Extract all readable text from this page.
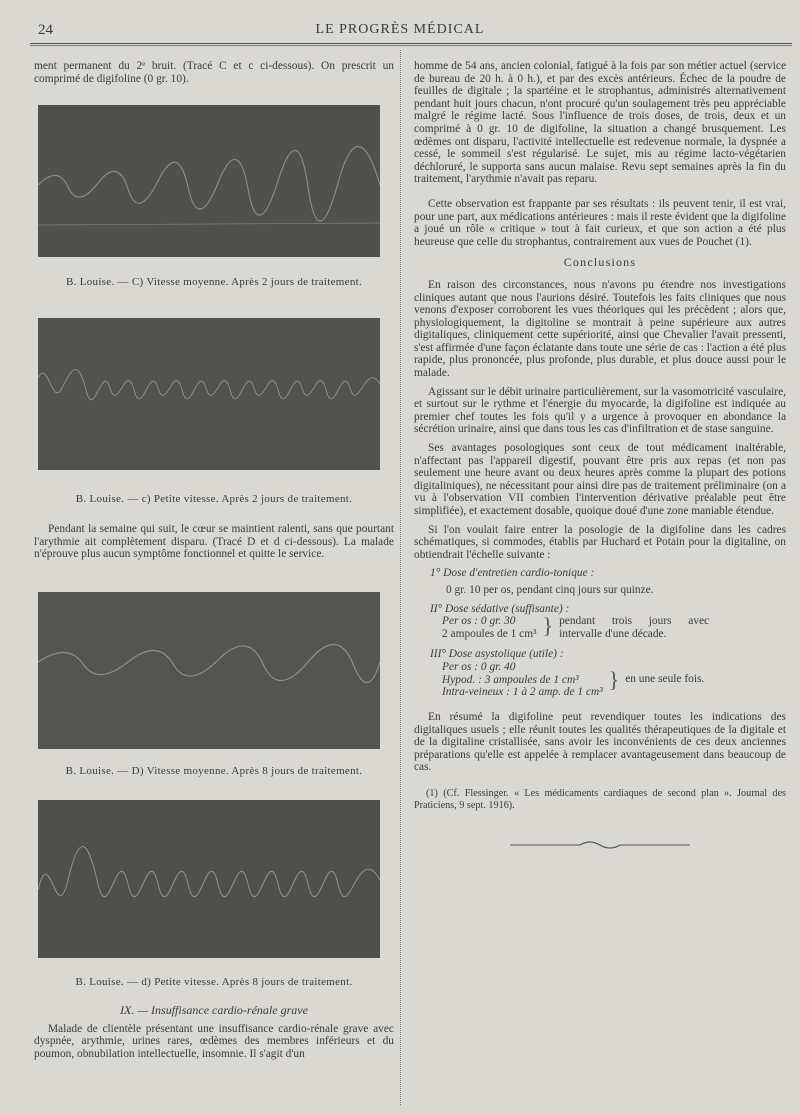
24	LE PROGRÈS MÉDICAL

ment permanent du 2ᵉ bruit. (Tracé C et c ci-dessous). On prescrit un comprimé de digifoline (0 gr. 10).

B. Louise. — C) Vitesse moyenne. Après 2 jours de traitement.
B. Louise. — c) Petite vitesse. Après 2 jours de traitement.

Pendant la semaine qui suit, le cœur se maintient ralenti, sans que pourtant l'arythmie ait complètement disparu. (Tracé D et d ci-dessous). La malade n'éprouve plus aucun symptôme fonctionnel et quitte le service.

B. Louise. — D) Vitesse moyenne. Après 8 jours de traitement.
B. Louise. — d) Petite vitesse. Après 8 jours de traitement.
IX. — Insuffisance cardio-rénale grave

Malade de clientèle présentant une insuffisance cardio-rénale grave avec dyspnée, arythmie, urines rares, œdèmes des membres inférieurs et du poumon, obnubilation intellectuelle, insomnie. Il s'agit d'un

homme de 54 ans, ancien colonial, fatigué à la fois par son métier actuel (service de bureau de 20 h. à 0 h.), et par des excès antérieurs. Échec de la poudre de feuilles de digitale ; la spartéine et le strophantus, administrés alternativement pendant huit jours chacun, n'ont procuré qu'un soulagement très peu appréciable malgré le régime lacté. Sous l'influence de trois doses, de trois, deux et un comprimé à 0 gr. 10 de digifoline, la situation a changé brusquement. Les œdèmes ont disparu, l'activité intellectuelle est redevenue normale, la dyspnée a cessé, le sommeil s'est régularisé. Le sujet, mis au régime lacto-végétarien déchloruré, le supporta sans aucun malaise. Revu sept semaines après la fin du traitement, l'arythmie n'avait pas reparu.

Cette observation est frappante par ses résultats : ils peuvent tenir, il est vrai, pour une part, aux médications antérieures : mais il reste évident que la digifoline a joué un rôle « critique » tout à fait curieux, et que son action a été plus heureuse que celle du strophantus, contrairement aux vues de Pouchet (1).

Conclusions

En raison des circonstances, nous n'avons pu étendre nos investigations cliniques autant que nous l'aurions désiré. Toutefois les faits cliniques que nous venons d'exposer corroborent les vues théoriques qui les précèdent ; alors que, physiologiquement, la digitoline se montrait à peine supérieure aux autres digitaliques, cliniquement cette supériorité, ainsi que Chevalier l'avait pressenti, s'est affirmée d'une façon éclatante dans toute une série de cas : l'action a été plus rapide, plus prononcée, plus profonde, plus durable, et plus douce aussi pour le malade.

Agissant sur le débit urinaire particulièrement, sur la vasomotricité vasculaire, et surtout sur le rythme et l'énergie du myocarde, la digifoline est indiquée au premier chef toutes les fois qu'il y a urgence à provoquer en abondance la sécrétion urinaire, ainsi que dans tous les cas d'infiltration et de stase sanguine.

Ses avantages posologiques sont ceux de tout médicament inaltérable, n'affectant pas l'appareil digestif, pouvant être pris aux repas (et non pas seulement une heure avant ou deux heures après comme la plupart des potions digitaliniques), ne nécessitant pour ainsi dire pas de traitement préliminaire (on a vu à l'observation VII combien l'intervention dérivative préalable peut être simplifiée), et exactement dosable, quoique doué d'une zone maniable étendue.

Si l'on voulait faire entrer la posologie de la digifoline dans les cadres schématiques, si commodes, établis par Huchard et Potain pour la digitaline, on obtiendrait l'échelle suivante :

1° Dose d'entretien cardio-tonique :
0 gr. 10 per os, pendant cinq jours sur quinze.
II° Dose sédative (suffisante) :
Per os : 0 gr. 30
2 ampoules de 1 cm³ } pendant trois jours avec intervalle d'une décade.
III° Dose asystolique (utile) :
Per os : 0 gr. 40
Hypod. : 3 ampoules de 1 cm³
Intra-veineux : 1 à 2 amp. de 1 cm³
} en une seule fois.

En résumé la digifoline peut revendiquer toutes les indications des digitaliques usuels ; elle réunit toutes les qualités thérapeutiques de la digitale et de la digitaline cristallisée, sans avoir les inconvénients de ces deux anciennes préparations qu'elle est appelée à remplacer avantageusement dans beaucoup de cas.

(1) (Cf. Flessinger. « Les médicaments cardiaques de second plan ». Journal des Praticiens, 9 sept. 1916).
